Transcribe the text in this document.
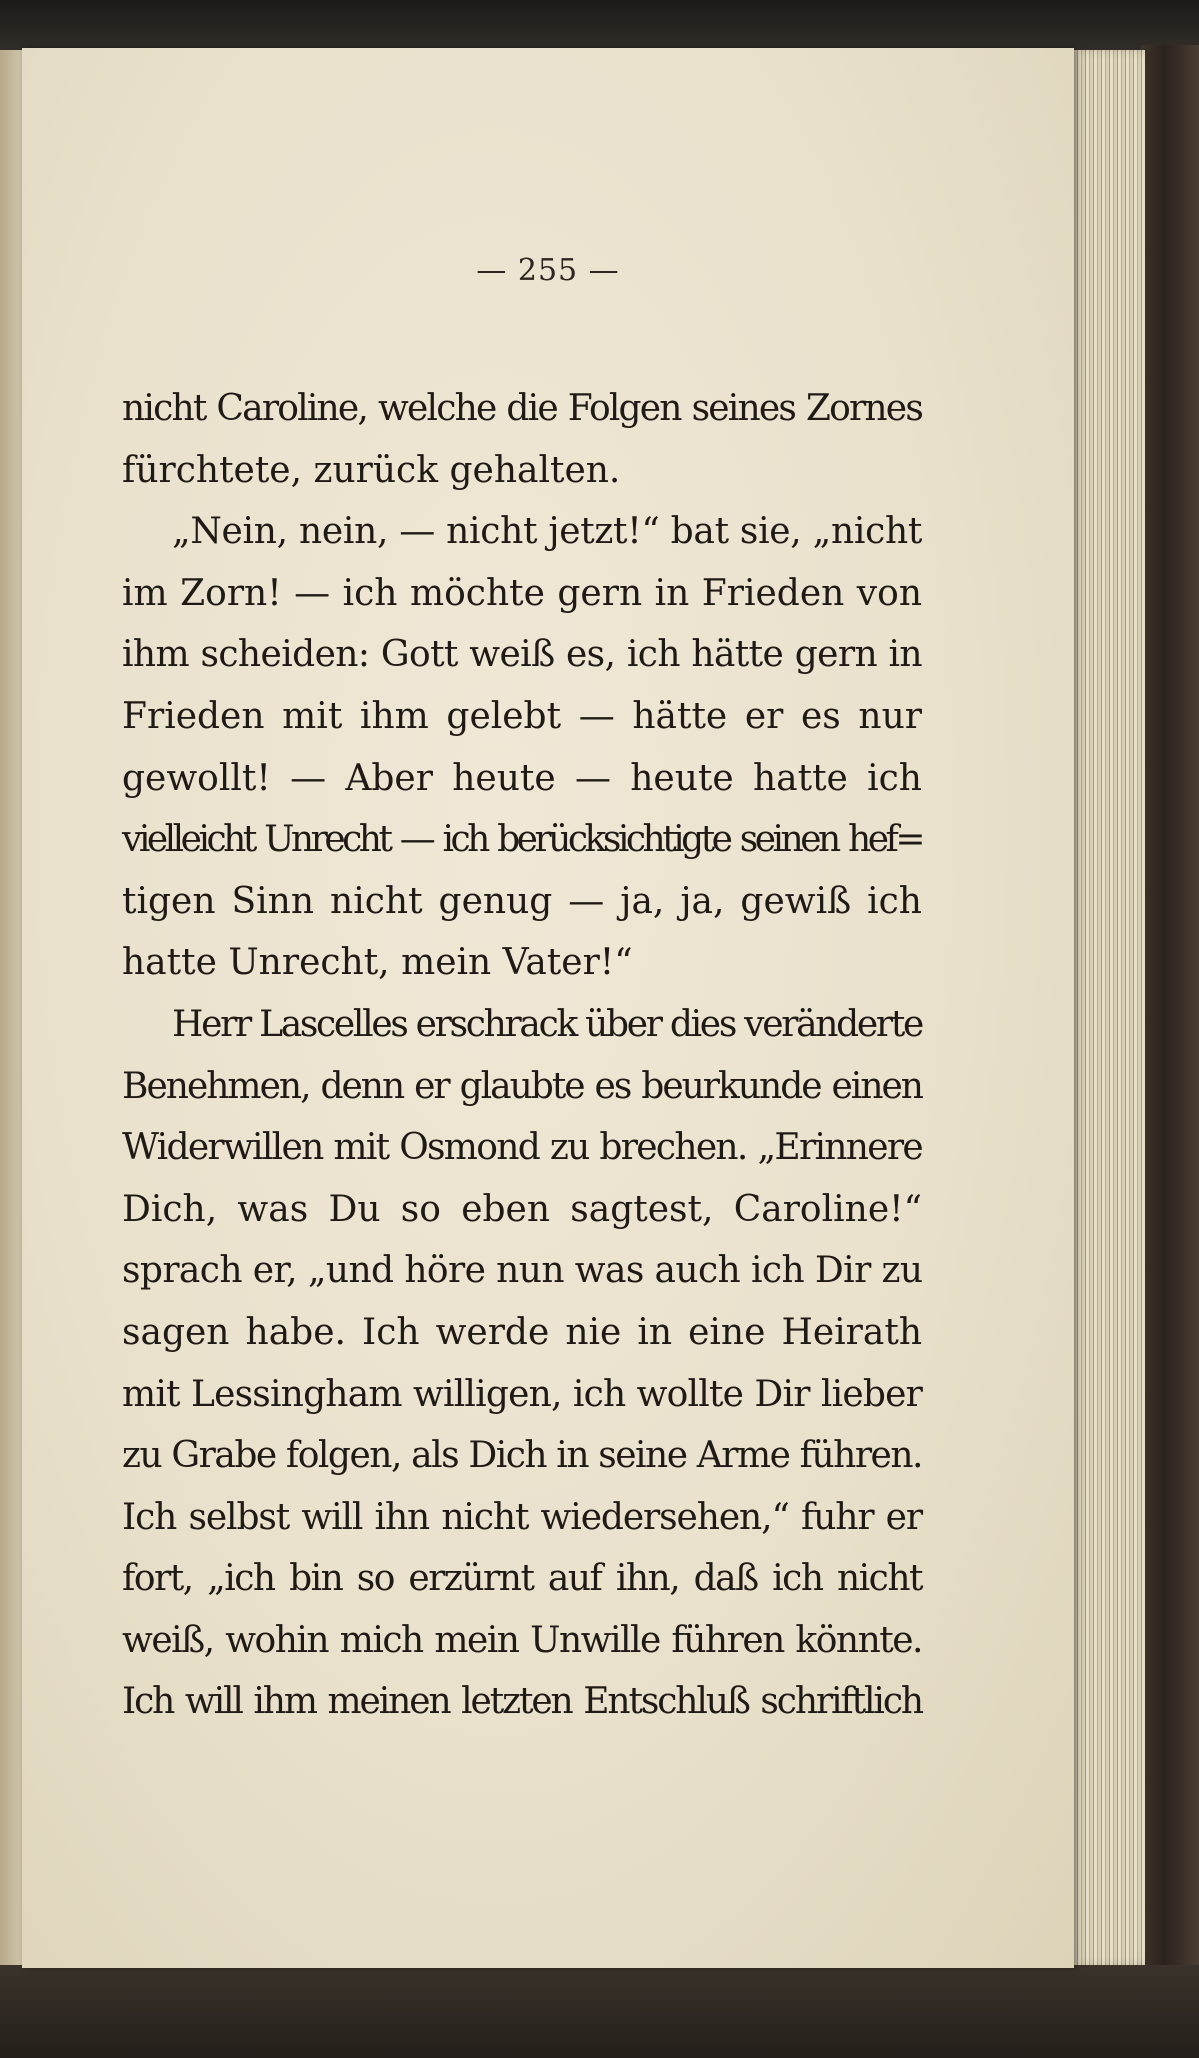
— 255 —
nicht Caroline, welche die Folgen seines Zornes
fürchtete, zurück gehalten.
„Nein, nein, — nicht jetzt!“ bat sie, „nicht
im Zorn! — ich möchte gern in Frieden von
ihm scheiden: Gott weiß es, ich hätte gern in
Frieden mit ihm gelebt — hätte er es nur
gewollt! — Aber heute — heute hatte ich
vielleicht Unrecht — ich berücksichtigte seinen hef=
tigen Sinn nicht genug — ja, ja, gewiß ich
hatte Unrecht, mein Vater!“
Herr Lascelles erschrack über dies veränderte
Benehmen, denn er glaubte es beurkunde einen
Widerwillen mit Osmond zu brechen. „Erinnere
Dich, was Du so eben sagtest, Caroline!“
sprach er, „und höre nun was auch ich Dir zu
sagen habe. Ich werde nie in eine Heirath
mit Lessingham willigen, ich wollte Dir lieber
zu Grabe folgen, als Dich in seine Arme führen.
Ich selbst will ihn nicht wiedersehen,“ fuhr er
fort, „ich bin so erzürnt auf ihn, daß ich nicht
weiß, wohin mich mein Unwille führen könnte.
Ich will ihm meinen letzten Entschluß schriftlich
